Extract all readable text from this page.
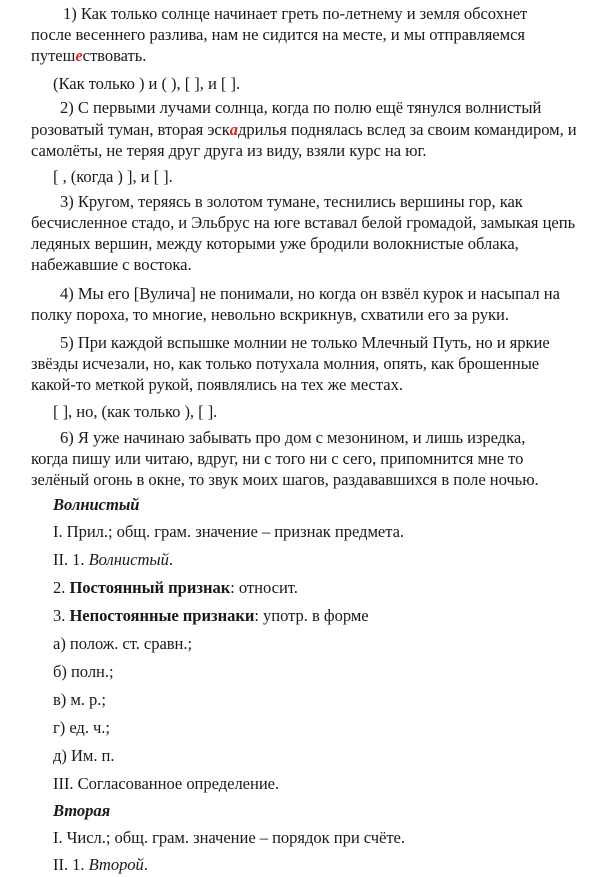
1) Как только солнце начинает греть по-летнему и земля обсохнет
после весеннего разлива, нам не сидится на месте, и мы отправляемся
путешествовать.
(Как только ) и ( ), [ ], и [ ].
2) С первыми лучами солнца, когда по полю ещё тянулся волнистый
розоватый туман, вторая эскадрилья поднялась вслед за своим командиром, и
самолёты, не теряя друг друга из виду, взяли курс на юг.
[ , (когда ) ], и [ ].
3) Кругом, теряясь в золотом тумане, теснились вершины гор, как
бесчисленное стадо, и Эльбрус на юге вставал белой громадой, замыкая цепь
ледяных вершин, между которыми уже бродили волокнистые облака,
набежавшие с востока.
4) Мы его [Вулича] не понимали, но когда он взвёл курок и насыпал на
полку пороха, то многие, невольно вскрикнув, схватили его за руки.
5) При каждой вспышке молнии не только Млечный Путь, но и яркие
звёзды исчезали, но, как только потухала молния, опять, как брошенные
какой-то меткой рукой, появлялись на тех же местах.
[ ], но, (как только ), [ ].
6) Я уже начинаю забывать про дом с мезонином, и лишь изредка,
когда пишу или читаю, вдруг, ни с того ни с сего, припомнится мне то
зелёный огонь в окне, то звук моих шагов, раздававшихся в поле ночью.
Волнистый
I. Прил.; общ. грам. значение – признак предмета.
II. 1. Волнистый.
2. Постоянный признак: относит.
3. Непостоянные признаки: употр. в форме
а) полож. ст. сравн.;
б) полн.;
в) м. р.;
г) ед. ч.;
д) Им. п.
III. Согласованное определение.
Вторая
I. Числ.; общ. грам. значение – порядок при счёте.
II. 1. Второй.
